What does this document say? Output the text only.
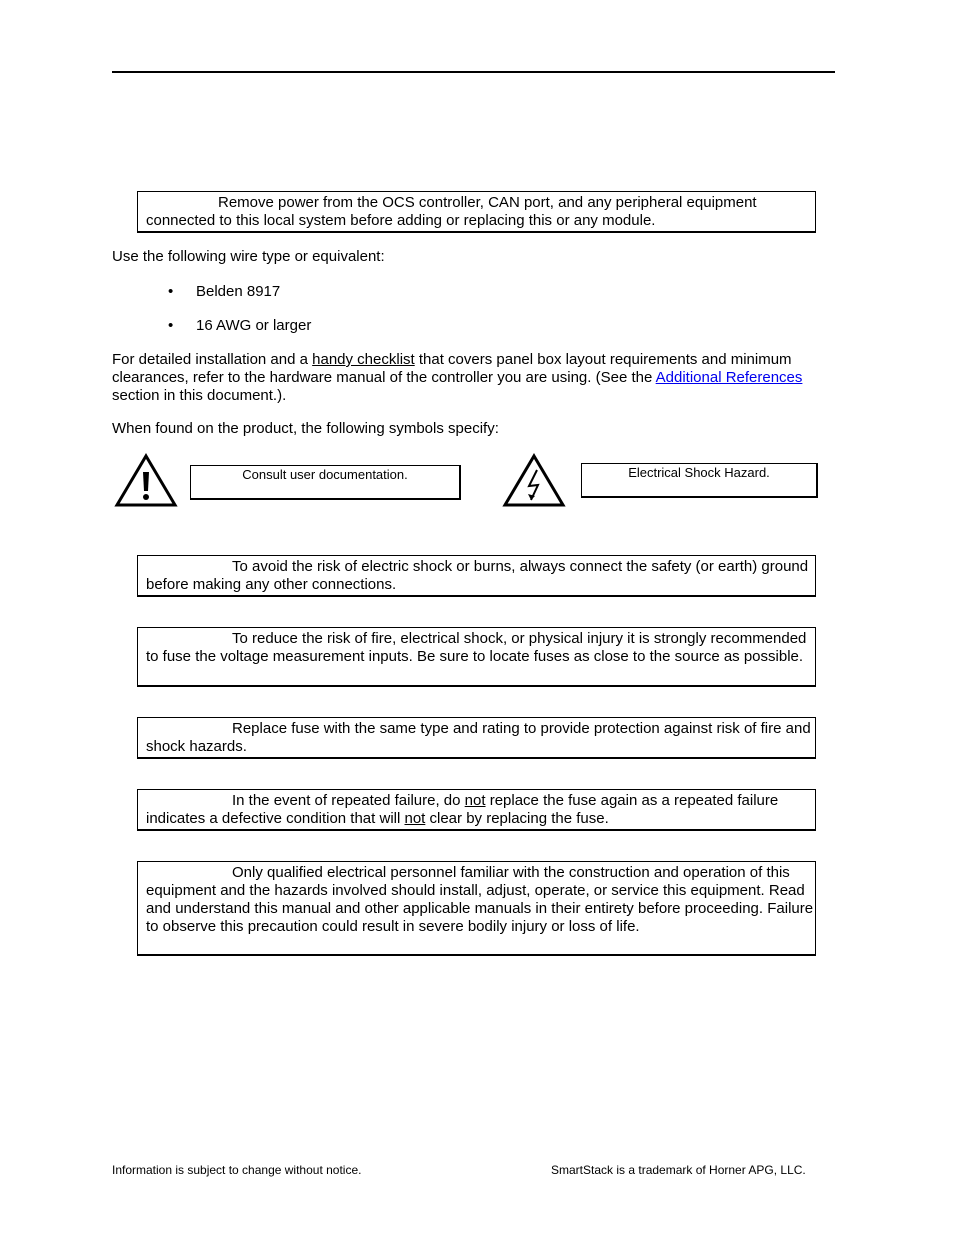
Remove power from the OCS controller, CAN port, and any peripheral equipment connected to this local system before adding or replacing this or any module.
Use the following wire type or equivalent:
• Belden 8917
• 16 AWG or larger
For detailed installation and a handy checklist that covers panel box layout requirements and minimum clearances, refer to the hardware manual of the controller you are using. (See the Additional References section in this document.).
When found on the product, the following symbols specify:
Consult user documentation.	Electrical Shock Hazard.
To avoid the risk of electric shock or burns, always connect the safety (or earth) ground before making any other connections.
To reduce the risk of fire, electrical shock, or physical injury it is strongly recommended to fuse the voltage measurement inputs. Be sure to locate fuses as close to the source as possible.
Replace fuse with the same type and rating to provide protection against risk of fire and shock hazards.
In the event of repeated failure, do not replace the fuse again as a repeated failure indicates a defective condition that will not clear by replacing the fuse.
Only qualified electrical personnel familiar with the construction and operation of this equipment and the hazards involved should install, adjust, operate, or service this equipment. Read and understand this manual and other applicable manuals in their entirety before proceeding. Failure to observe this precaution could result in severe bodily injury or loss of life.
Information is subject to change without notice.	SmartStack is a trademark of Horner APG, LLC.
